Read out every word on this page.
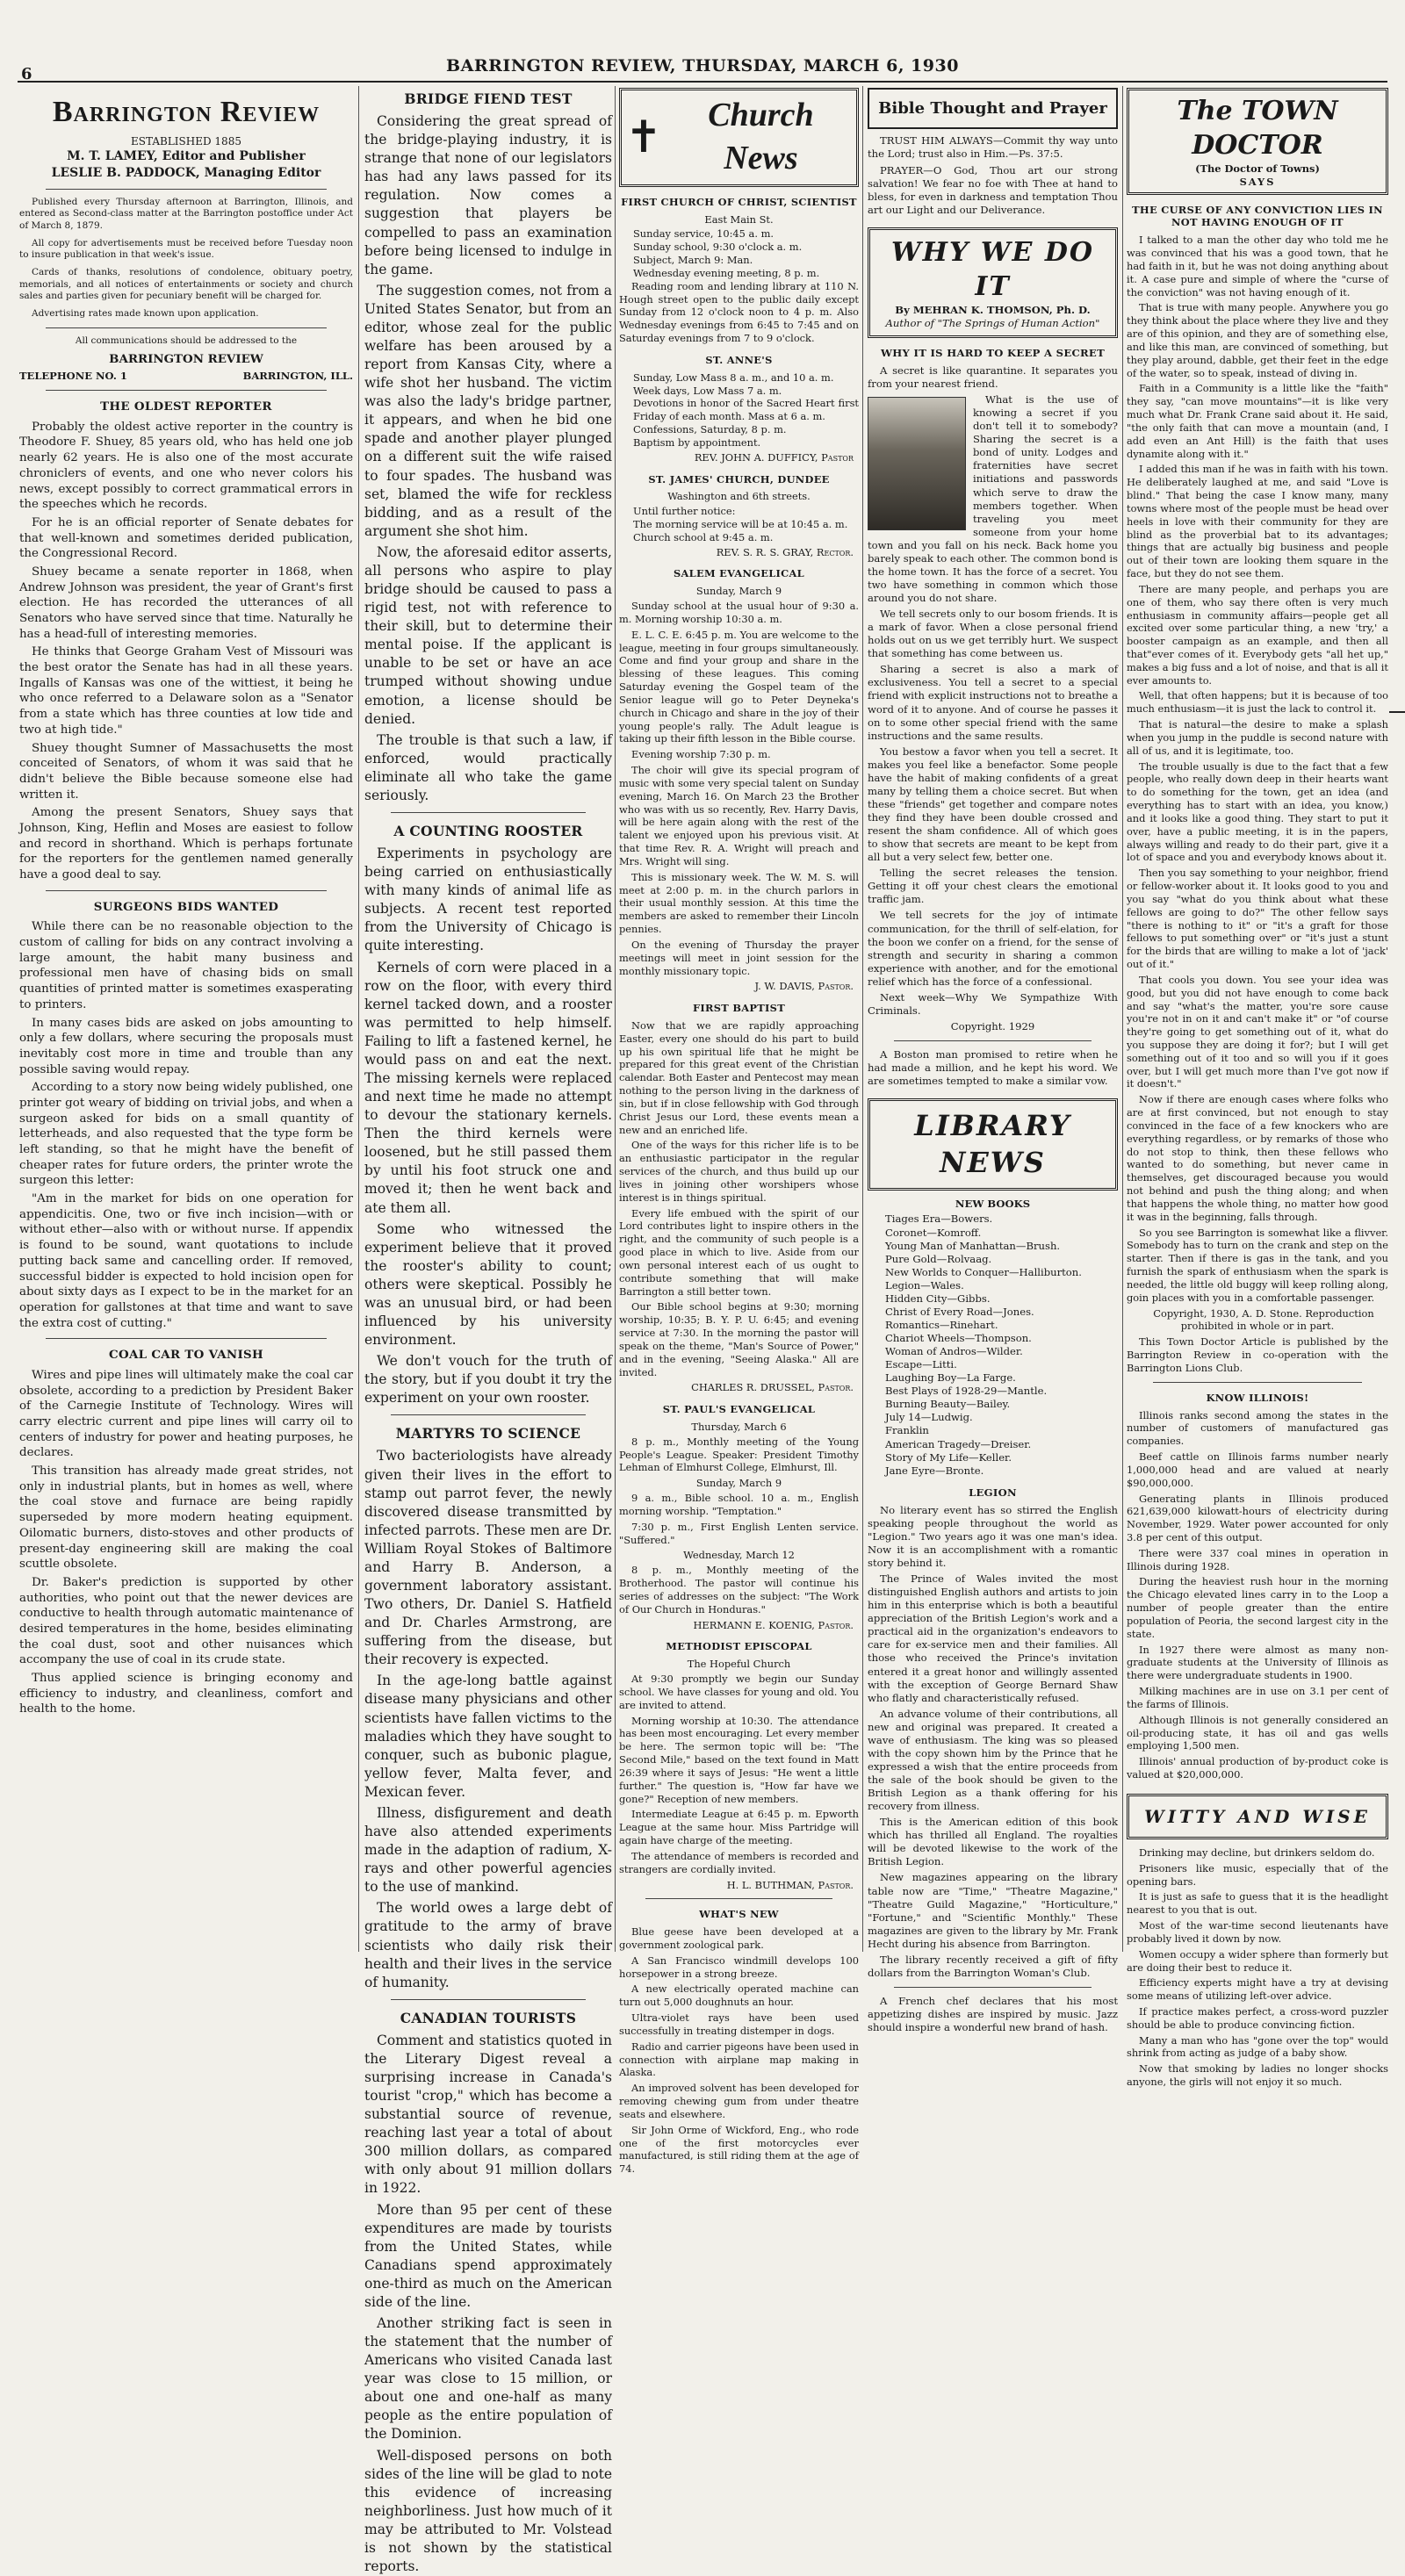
6	BARRINGTON REVIEW, THURSDAY, MARCH 6, 1930
Barrington Review
ESTABLISHED 1885
M. T. LAMEY, Editor and Publisher
LESLIE B. PADDOCK, Managing Editor

Published every Thursday afternoon at Barrington, Illinois, and entered as Second-class matter at the Barrington postoffice under Act of March 8, 1879.

All copy for advertisements must be received before Tuesday noon to insure publication in that week's issue.

Cards of thanks, resolutions of condolence, obituary poetry, memorials, and all notices of entertainments or society and church sales and parties given for pecuniary benefit will be charged for.

Advertising rates made known upon application.

All communications should be addressed to the
BARRINGTON REVIEW
TELEPHONE NO. 1	BARRINGTON, ILL.
THE OLDEST REPORTER

Probably the oldest active reporter in the country is Theodore F. Shuey, 85 years old, who has held one job nearly 62 years. He is also one of the most accurate chroniclers of events, and one who never colors his news, except possibly to correct grammatical errors in the speeches which he records.

For he is an official reporter of Senate debates for that well-known and sometimes derided publication, the Congressional Record.

Shuey became a senate reporter in 1868, when Andrew Johnson was president, the year of Grant's first election. He has recorded the utterances of all Senators who have served since that time. Naturally he has a head-full of interesting memories.

He thinks that George Graham Vest of Missouri was the best orator the Senate has had in all these years. Ingalls of Kansas was one of the wittiest, it being he who once referred to a Delaware solon as a "Senator from a state which has three counties at low tide and two at high tide."

Shuey thought Sumner of Massachusetts the most conceited of Senators, of whom it was said that he didn't believe the Bible because someone else had written it.

Among the present Senators, Shuey says that Johnson, King, Heflin and Moses are easiest to follow and record in shorthand. Which is perhaps fortunate for the reporters for the gentlemen named generally have a good deal to say.

SURGEONS BIDS WANTED

While there can be no reasonable objection to the custom of calling for bids on any contract involving a large amount, the habit many business and professional men have of chasing bids on small quantities of printed matter is sometimes exasperating to printers.

In many cases bids are asked on jobs amounting to only a few dollars, where securing the proposals must inevitably cost more in time and trouble than any possible saving would repay.

According to a story now being widely published, one printer got weary of bidding on trivial jobs, and when a surgeon asked for bids on a small quantity of letterheads, and also requested that the type form be left standing, so that he might have the benefit of cheaper rates for future orders, the printer wrote the surgeon this letter:

"Am in the market for bids on one operation for appendicitis. One, two or five inch incision—with or without ether—also with or without nurse. If appendix is found to be sound, want quotations to include putting back same and cancelling order. If removed, successful bidder is expected to hold incision open for about sixty days as I expect to be in the market for an operation for gallstones at that time and want to save the extra cost of cutting."

COAL CAR TO VANISH

Wires and pipe lines will ultimately make the coal car obsolete, according to a prediction by President Baker of the Carnegie Institute of Technology. Wires will carry electric current and pipe lines will carry oil to centers of industry for power and heating purposes, he declares.

This transition has already made great strides, not only in industrial plants, but in homes as well, where the coal stove and furnace are being rapidly superseded by more modern heating equipment. Oilomatic burners, disto-stoves and other products of present-day engineering skill are making the coal scuttle obsolete.

Dr. Baker's prediction is supported by other authorities, who point out that the newer devices are conductive to health through automatic maintenance of desired temperatures in the home, besides eliminating the coal dust, soot and other nuisances which accompany the use of coal in its crude state.

Thus applied science is bringing economy and efficiency to industry, and cleanliness, comfort and health to the home.

BRIDGE FIEND TEST

Considering the great spread of the bridge-playing industry, it is strange that none of our legislators has had any laws passed for its regulation. Now comes a suggestion that players be compelled to pass an examination before being licensed to indulge in the game.

The suggestion comes, not from a United States Senator, but from an editor, whose zeal for the public welfare has been aroused by a report from Kansas City, where a wife shot her husband. The victim was also the lady's bridge partner, it appears, and when he bid one spade and another player plunged on a different suit the wife raised to four spades. The husband was set, blamed the wife for reckless bidding, and as a result of the argument she shot him.

Now, the aforesaid editor asserts, all persons who aspire to play bridge should be caused to pass a rigid test, not with reference to their skill, but to determine their mental poise. If the applicant is unable to be set or have an ace trumped without showing undue emotion, a license should be denied.

The trouble is that such a law, if enforced, would practically eliminate all who take the game seriously.

A COUNTING ROOSTER

Experiments in psychology are being carried on enthusiastically with many kinds of animal life as subjects. A recent test reported from the University of Chicago is quite interesting.

Kernels of corn were placed in a row on the floor, with every third kernel tacked down, and a rooster was permitted to help himself. Failing to lift a fastened kernel, he would pass on and eat the next. The missing kernels were replaced and next time he made no attempt to devour the stationary kernels. Then the third kernels were loosened, but he still passed them by until his foot struck one and moved it; then he went back and ate them all.

Some who witnessed the experiment believe that it proved the rooster's ability to count; others were skeptical. Possibly he was an unusual bird, or had been influenced by his university environment.

We don't vouch for the truth of the story, but if you doubt it try the experiment on your own rooster.

MARTYRS TO SCIENCE

Two bacteriologists have already given their lives in the effort to stamp out parrot fever, the newly discovered disease transmitted by infected parrots. These men are Dr. William Royal Stokes of Baltimore and Harry B. Anderson, a government laboratory assistant. Two others, Dr. Daniel S. Hatfield and Dr. Charles Armstrong, are suffering from the disease, but their recovery is expected.

In the age-long battle against disease many physicians and other scientists have fallen victims to the maladies which they have sought to conquer, such as bubonic plague, yellow fever, Malta fever, and Mexican fever.

Illness, disfigurement and death have also attended experiments made in the adaption of radium, X-rays and other powerful agencies to the use of mankind.

The world owes a large debt of gratitude to the army of brave scientists who daily risk their health and their lives in the service of humanity.

CANADIAN TOURISTS

Comment and statistics quoted in the Literary Digest reveal a surprising increase in Canada's tourist "crop," which has become a substantial source of revenue, reaching last year a total of about 300 million dollars, as compared with only about 91 million dollars in 1922.

More than 95 per cent of these expenditures are made by tourists from the United States, while Canadians spend approximately one-third as much on the American side of the line.

Another striking fact is seen in the statement that the number of Americans who visited Canada last year was close to 15 million, or about one and one-half as many people as the entire population of the Dominion.

Well-disposed persons on both sides of the line will be glad to note this evidence of increasing neighborliness. Just how much of it may be attributed to Mr. Volstead is not shown by the statistical reports.

✝	Church News
FIRST CHURCH OF CHRIST, SCIENTIST
East Main St.

Sunday service, 10:45 a. m.

Sunday school, 9:30 o'clock a. m.

Subject, March 9: Man.

Wednesday evening meeting, 8 p. m.

Reading room and lending library at 110 N. Hough street open to the public daily except Sunday from 12 o'clock noon to 4 p. m. Also Wednesday evenings from 6:45 to 7:45 and on Saturday evenings from 7 to 9 o'clock.

ST. ANNE'S

Sunday, Low Mass 8 a. m., and 10 a. m.

Week days, Low Mass 7 a. m.

Devotions in honor of the Sacred Heart first Friday of each month. Mass at 6 a. m.

Confessions, Saturday, 8 p. m.

Baptism by appointment.

REV. JOHN A. DUFFICY, Pastor
ST. JAMES' CHURCH, DUNDEE
Washington and 6th streets.

Until further notice:

The morning service will be at 10:45 a. m.

Church school at 9:45 a. m.

REV. S. R. S. GRAY, Rector.
SALEM EVANGELICAL
Sunday, March 9

Sunday school at the usual hour of 9:30 a. m. Morning worship 10:30 a. m.

E. L. C. E. 6:45 p. m. You are welcome to the league, meeting in four groups simultaneously. Come and find your group and share in the blessing of these leagues. This coming Saturday evening the Gospel team of the Senior league will go to Peter Deyneka's church in Chicago and share in the joy of their young people's rally. The Adult league is taking up their fifth lesson in the Bible course.

Evening worship 7:30 p. m.

The choir will give its special program of music with some very special talent on Sunday evening, March 16. On March 23 the Brother who was with us so recently, Rev. Harry Davis, will be here again along with the rest of the talent we enjoyed upon his previous visit. At that time Rev. R. A. Wright will preach and Mrs. Wright will sing.

This is missionary week. The W. M. S. will meet at 2:00 p. m. in the church parlors in their usual monthly session. At this time the members are asked to remember their Lincoln pennies.

On the evening of Thursday the prayer meetings will meet in joint session for the monthly missionary topic.

J. W. DAVIS, Pastor.
FIRST BAPTIST

Now that we are rapidly approaching Easter, every one should do his part to build up his own spiritual life that he might be prepared for this great event of the Christian calendar. Both Easter and Pentecost may mean nothing to the person living in the darkness of sin, but if in close fellowship with God through Christ Jesus our Lord, these events mean a new and an enriched life.

One of the ways for this richer life is to be an enthusiastic participator in the regular services of the church, and thus build up our lives in joining other worshipers whose interest is in things spiritual.

Every life embued with the spirit of our Lord contributes light to inspire others in the right, and the community of such people is a good place in which to live. Aside from our own personal interest each of us ought to contribute something that will make Barrington a still better town.

Our Bible school begins at 9:30; morning worship, 10:35; B. Y. P. U. 6:45; and evening service at 7:30. In the morning the pastor will speak on the theme, "Man's Source of Power," and in the evening, "Seeing Alaska." All are invited.

CHARLES R. DRUSSEL, Pastor.
ST. PAUL'S EVANGELICAL
Thursday, March 6

8 p. m., Monthly meeting of the Young People's League. Speaker: President Timothy Lehman of Elmhurst College, Elmhurst, Ill.

Sunday, March 9

9 a. m., Bible school. 10 a. m., English morning worship. "Temptation."

7:30 p. m., First English Lenten service. "Suffered."

Wednesday, March 12

8 p. m., Monthly meeting of the Brotherhood. The pastor will continue his series of addresses on the subject: "The Work of Our Church in Honduras."

HERMANN E. KOENIG, Pastor.
METHODIST EPISCOPAL
The Hopeful Church

At 9:30 promptly we begin our Sunday school. We have classes for young and old. You are invited to attend.

Morning worship at 10:30. The attendance has been most encouraging. Let every member be here. The sermon topic will be: "The Second Mile," based on the text found in Matt 26:39 where it says of Jesus: "He went a little further." The question is, "How far have we gone?" Reception of new members.

Intermediate League at 6:45 p. m. Epworth League at the same hour. Miss Partridge will again have charge of the meeting.

The attendance of members is recorded and strangers are cordially invited.

H. L. BUTHMAN, Pastor.
WHAT'S NEW

Blue geese have been developed at a government zoological park.

A San Francisco windmill develops 100 horsepower in a strong breeze.

A new electrically operated machine can turn out 5,000 doughnuts an hour.

Ultra-violet rays have been used successfully in treating distemper in dogs.

Radio and carrier pigeons have been used in connection with airplane map making in Alaska.

An improved solvent has been developed for removing chewing gum from under theatre seats and elsewhere.

Sir John Orme of Wickford, Eng., who rode one of the first motorcycles ever manufactured, is still riding them at the age of 74.

Bible Thought and Prayer

TRUST HIM ALWAYS—Commit thy way unto the Lord; trust also in Him.—Ps. 37:5.

PRAYER—O God, Thou art our strong salvation! We fear no foe with Thee at hand to bless, for even in darkness and temptation Thou art our Light and our Deliverance.

WHY WE DO IT
By MEHRAN K. THOMSON, Ph. D.
Author of "The Springs of Human Action"
WHY IT IS HARD TO KEEP A SECRET

A secret is like quarantine. It separates you from your nearest friend.

What is the use of knowing a secret if you don't tell it to somebody? Sharing the secret is a bond of unity. Lodges and fraternities have secret initiations and passwords which serve to draw the members together. When traveling you meet someone from your home town and you fall on his neck. Back home you barely speak to each other. The common bond is the home town. It has the force of a secret. You two have something in common which those around you do not share.

We tell secrets only to our bosom friends. It is a mark of favor. When a close personal friend holds out on us we get terribly hurt. We suspect that something has come between us.

Sharing a secret is also a mark of exclusiveness. You tell a secret to a special friend with explicit instructions not to breathe a word of it to anyone. And of course he passes it on to some other special friend with the same instructions and the same results.

You bestow a favor when you tell a secret. It makes you feel like a benefactor. Some people have the habit of making confidents of a great many by telling them a choice secret. But when these "friends" get together and compare notes they find they have been double crossed and resent the sham confidence. All of which goes to show that secrets are meant to be kept from all but a very select few, better one.

Telling the secret releases the tension. Getting it off your chest clears the emotional traffic jam.

We tell secrets for the joy of intimate communication, for the thrill of self-elation, for the boon we confer on a friend, for the sense of strength and security in sharing a common experience with another, and for the emotional relief which has the force of a confessional.

Next week—Why We Sympathize With Criminals.

Copyright. 1929

A Boston man promised to retire when he had made a million, and he kept his word. We are sometimes tempted to make a similar vow.

LIBRARY NEWS
NEW BOOKS

Tiages Era—Bowers.

Coronet—Komroff.

Young Man of Manhattan—Brush.

Pure Gold—Rolvaag.

New Worlds to Conquer—Halliburton.

Legion—Wales.

Hidden City—Gibbs.

Christ of Every Road—Jones.

Romantics—Rinehart.

Chariot Wheels—Thompson.

Woman of Andros—Wilder.

Escape—Litti.

Laughing Boy—La Farge.

Best Plays of 1928-29—Mantle.

Burning Beauty—Bailey.

July 14—Ludwig.

Franklin

American Tragedy—Dreiser.

Story of My Life—Keller.

Jane Eyre—Bronte.

LEGION

No literary event has so stirred the English speaking people throughout the world as "Legion." Two years ago it was one man's idea. Now it is an accomplishment with a romantic story behind it.

The Prince of Wales invited the most distinguished English authors and artists to join him in this enterprise which is both a beautiful appreciation of the British Legion's work and a practical aid in the organization's endeavors to care for ex-service men and their families. All those who received the Prince's invitation entered it a great honor and willingly assented with the exception of George Bernard Shaw who flatly and characteristically refused.

An advance volume of their contributions, all new and original was prepared. It created a wave of enthusiasm. The king was so pleased with the copy shown him by the Prince that he expressed a wish that the entire proceeds from the sale of the book should be given to the British Legion as a thank offering for his recovery from illness.

This is the American edition of this book which has thrilled all England. The royalties will be devoted likewise to the work of the British Legion.

New magazines appearing on the library table now are "Time," "Theatre Magazine," "Theatre Guild Magazine," "Horticulture," "Fortune," and "Scientific Monthly." These magazines are given to the library by Mr. Frank Hecht during his absence from Barrington.

The library recently received a gift of fifty dollars from the Barrington Woman's Club.

A French chef declares that his most appetizing dishes are inspired by music. Jazz should inspire a wonderful new brand of hash.

The TOWN DOCTOR
(The Doctor of Towns)
SAYS
THE CURSE OF ANY CONVICTION LIES IN NOT HAVING ENOUGH OF IT

I talked to a man the other day who told me he was convinced that his was a good town, that he had faith in it, but he was not doing anything about it. A case pure and simple of where the "curse of the conviction" was not having enough of it.

That is true with many people. Anywhere you go they think about the place where they live and they are of this opinion, and they are of something else, and like this man, are convinced of something, but they play around, dabble, get their feet in the edge of the water, so to speak, instead of diving in.

Faith in a Community is a little like the "faith" they say, "can move mountains"—it is like very much what Dr. Frank Crane said about it. He said, "the only faith that can move a mountain (and, I add even an Ant Hill) is the faith that uses dynamite along with it."

I added this man if he was in faith with his town. He deliberately laughed at me, and said "Love is blind." That being the case I know many, many towns where most of the people must be head over heels in love with their community for they are blind as the proverbial bat to its advantages; things that are actually big business and people out of their town are looking them square in the face, but they do not see them.

There are many people, and perhaps you are one of them, who say there often is very much enthusiasm in community affairs—people get all excited over some particular thing, a new 'try,' a booster campaign as an example, and then all that"ever comes of it. Everybody gets "all het up," makes a big fuss and a lot of noise, and that is all it ever amounts to.

Well, that often happens; but it is because of too much enthusiasm—it is just the lack to control it.

That is natural—the desire to make a splash when you jump in the puddle is second nature with all of us, and it is legitimate, too.

The trouble usually is due to the fact that a few people, who really down deep in their hearts want to do something for the town, get an idea (and everything has to start with an idea, you know,) and it looks like a good thing. They start to put it over, have a public meeting, it is in the papers, always willing and ready to do their part, give it a lot of space and you and everybody knows about it.

Then you say something to your neighbor, friend or fellow-worker about it. It looks good to you and you say "what do you think about what these fellows are going to do?" The other fellow says "there is nothing to it" or "it's a graft for those fellows to put something over" or "it's just a stunt for the birds that are willing to make a lot of 'jack' out of it."

That cools you down. You see your idea was good, but you did not have enough to come back and say "what's the matter, you're sore cause you're not in on it and can't make it" or "of course they're going to get something out of it, what do you suppose they are doing it for?; but I will get something out of it too and so will you if it goes over, but I will get much more than I've got now if it doesn't."

Now if there are enough cases where folks who are at first convinced, but not enough to stay convinced in the face of a few knockers who are everything regardless, or by remarks of those who do not stop to think, then these fellows who wanted to do something, but never came in themselves, get discouraged because you would not behind and push the thing along; and when that happens the whole thing, no matter how good it was in the beginning, falls through.

So you see Barrington is somewhat like a flivver. Somebody has to turn on the crank and step on the starter. Then if there is gas in the tank, and you furnish the spark of enthusiasm when the spark is needed, the little old buggy will keep rolling along, goin places with you in a comfortable passenger.

Copyright, 1930, A. D. Stone. Reproduction prohibited in whole or in part.

This Town Doctor Article is published by the Barrington Review in co-operation with the Barrington Lions Club.

KNOW ILLINOIS!

Illinois ranks second among the states in the number of customers of manufactured gas companies.

Beef cattle on Illinois farms number nearly 1,000,000 head and are valued at nearly $90,000,000.

Generating plants in Illinois produced 621,639,000 kilowatt-hours of electricity during November, 1929. Water power accounted for only 3.8 per cent of this output.

There were 337 coal mines in operation in Illinois during 1928.

During the heaviest rush hour in the morning the Chicago elevated lines carry in to the Loop a number of people greater than the entire population of Peoria, the second largest city in the state.

In 1927 there were almost as many non-graduate students at the University of Illinois as there were undergraduate students in 1900.

Milking machines are in use on 3.1 per cent of the farms of Illinois.

Although Illinois is not generally considered an oil-producing state, it has oil and gas wells employing 1,500 men.

Illinois' annual production of by-product coke is valued at $20,000,000.

WITTY AND WISE

Drinking may decline, but drinkers seldom do.

Prisoners like music, especially that of the opening bars.

It is just as safe to guess that it is the headlight nearest to you that is out.

Most of the war-time second lieutenants have probably lived it down by now.

Women occupy a wider sphere than formerly but are doing their best to reduce it.

Efficiency experts might have a try at devising some means of utilizing left-over advice.

If practice makes perfect, a cross-word puzzler should be able to produce convincing fiction.

Many a man who has "gone over the top" would shrink from acting as judge of a baby show.

Now that smoking by ladies no longer shocks anyone, the girls will not enjoy it so much.
